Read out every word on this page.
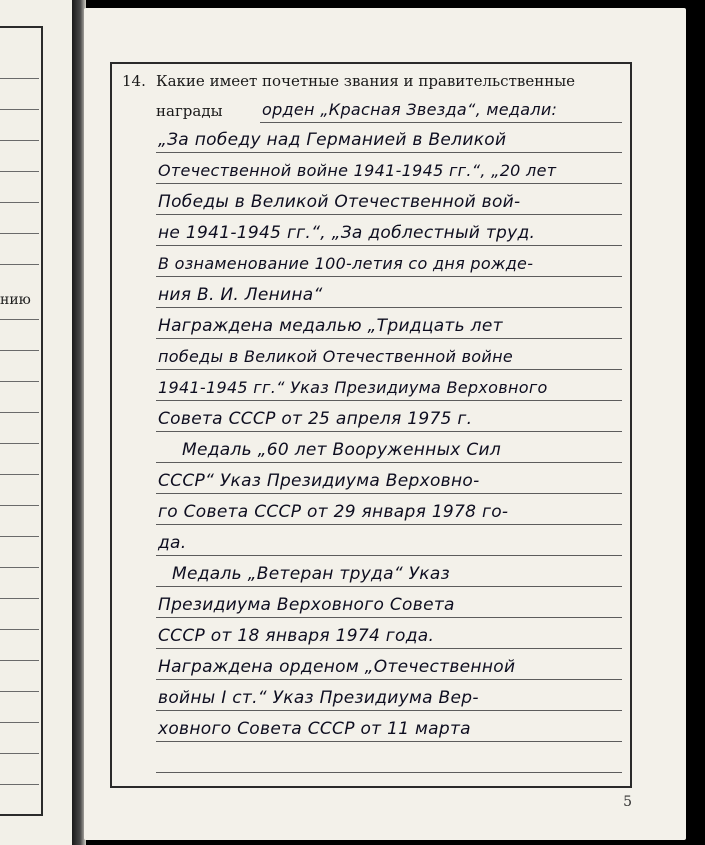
нию
14. Какие имеет почетные звания и правительственные
награды орден „Красная Звезда“, медали:
„За победу над Германией в Великой
Отечественной войне 1941-1945 гг.“, „20 лет
Победы в Великой Отечественной вой-
не 1941-1945 гг.“, „За доблестный труд.
В ознаменование 100-летия со дня рожде-
ния В. И. Ленина“
Награждена медалью „Тридцать лет
победы в Великой Отечественной войне
1941-1945 гг.“ Указ Президиума Верховного
Совета СССР от 25 апреля 1975 г.
Медаль „60 лет Вооруженных Сил
СССР“ Указ Президиума Верховно-
го Совета СССР от 29 января 1978 го-
да.
Медаль „Ветеран труда“ Указ
Президиума Верховного Совета
СССР от 18 января 1974 года.
Награждена орденом „Отечественной
войны I ст.“ Указ Президиума Вер-
ховного Совета СССР от 11 марта
5
